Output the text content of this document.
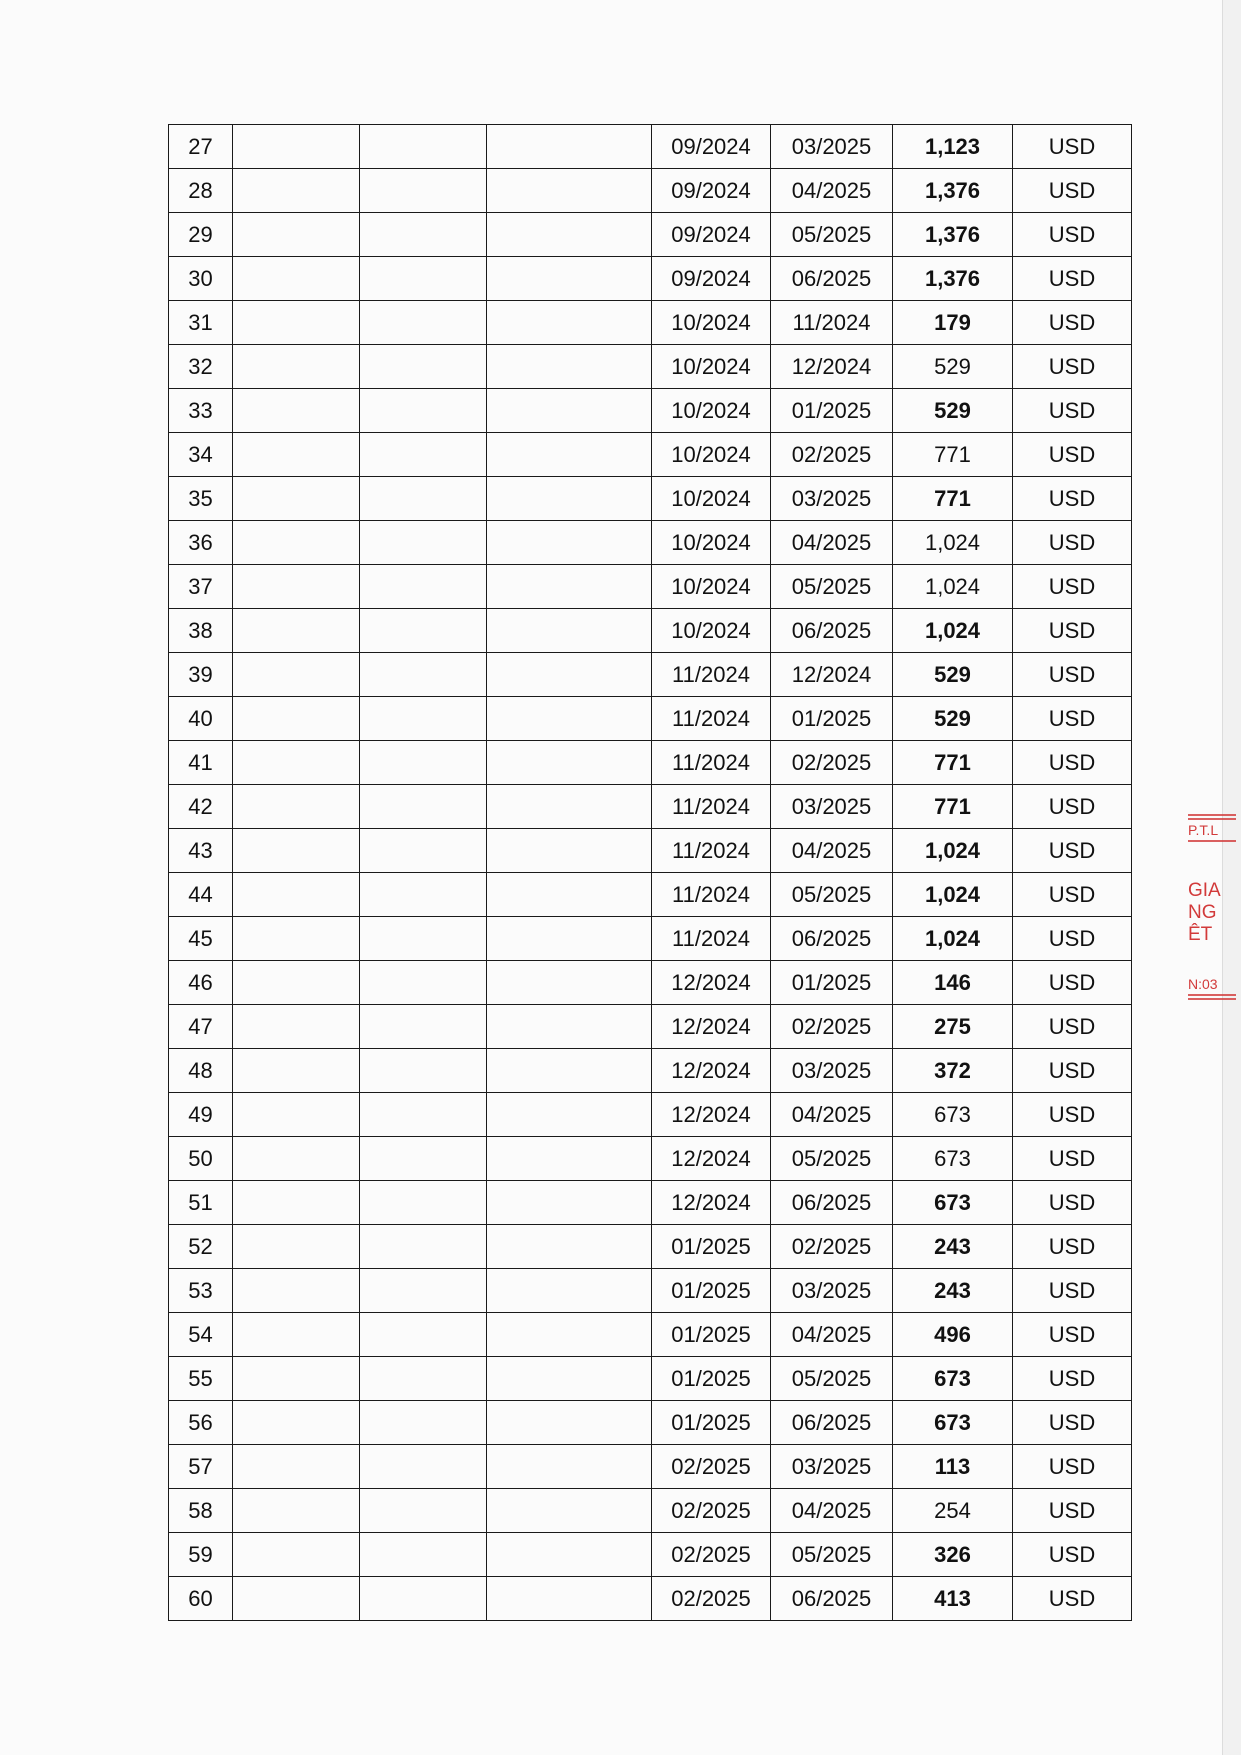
27				09/2024	03/2025	1,123	USD
28				09/2024	04/2025	1,376	USD
29				09/2024	05/2025	1,376	USD
30				09/2024	06/2025	1,376	USD
31				10/2024	11/2024	179	USD
32				10/2024	12/2024	529	USD
33				10/2024	01/2025	529	USD
34				10/2024	02/2025	771	USD
35				10/2024	03/2025	771	USD
36				10/2024	04/2025	1,024	USD
37				10/2024	05/2025	1,024	USD
38				10/2024	06/2025	1,024	USD
39				11/2024	12/2024	529	USD
40				11/2024	01/2025	529	USD
41				11/2024	02/2025	771	USD
42				11/2024	03/2025	771	USD
43				11/2024	04/2025	1,024	USD
44				11/2024	05/2025	1,024	USD
45				11/2024	06/2025	1,024	USD
46				12/2024	01/2025	146	USD
47				12/2024	02/2025	275	USD
48				12/2024	03/2025	372	USD
49				12/2024	04/2025	673	USD
50				12/2024	05/2025	673	USD
51				12/2024	06/2025	673	USD
52				01/2025	02/2025	243	USD
53				01/2025	03/2025	243	USD
54				01/2025	04/2025	496	USD
55				01/2025	05/2025	673	USD
56				01/2025	06/2025	673	USD
57				02/2025	03/2025	113	USD
58				02/2025	04/2025	254	USD
59				02/2025	05/2025	326	USD
60				02/2025	06/2025	413	USD
P.T.L
GIA
NG
ÊT
N:03
